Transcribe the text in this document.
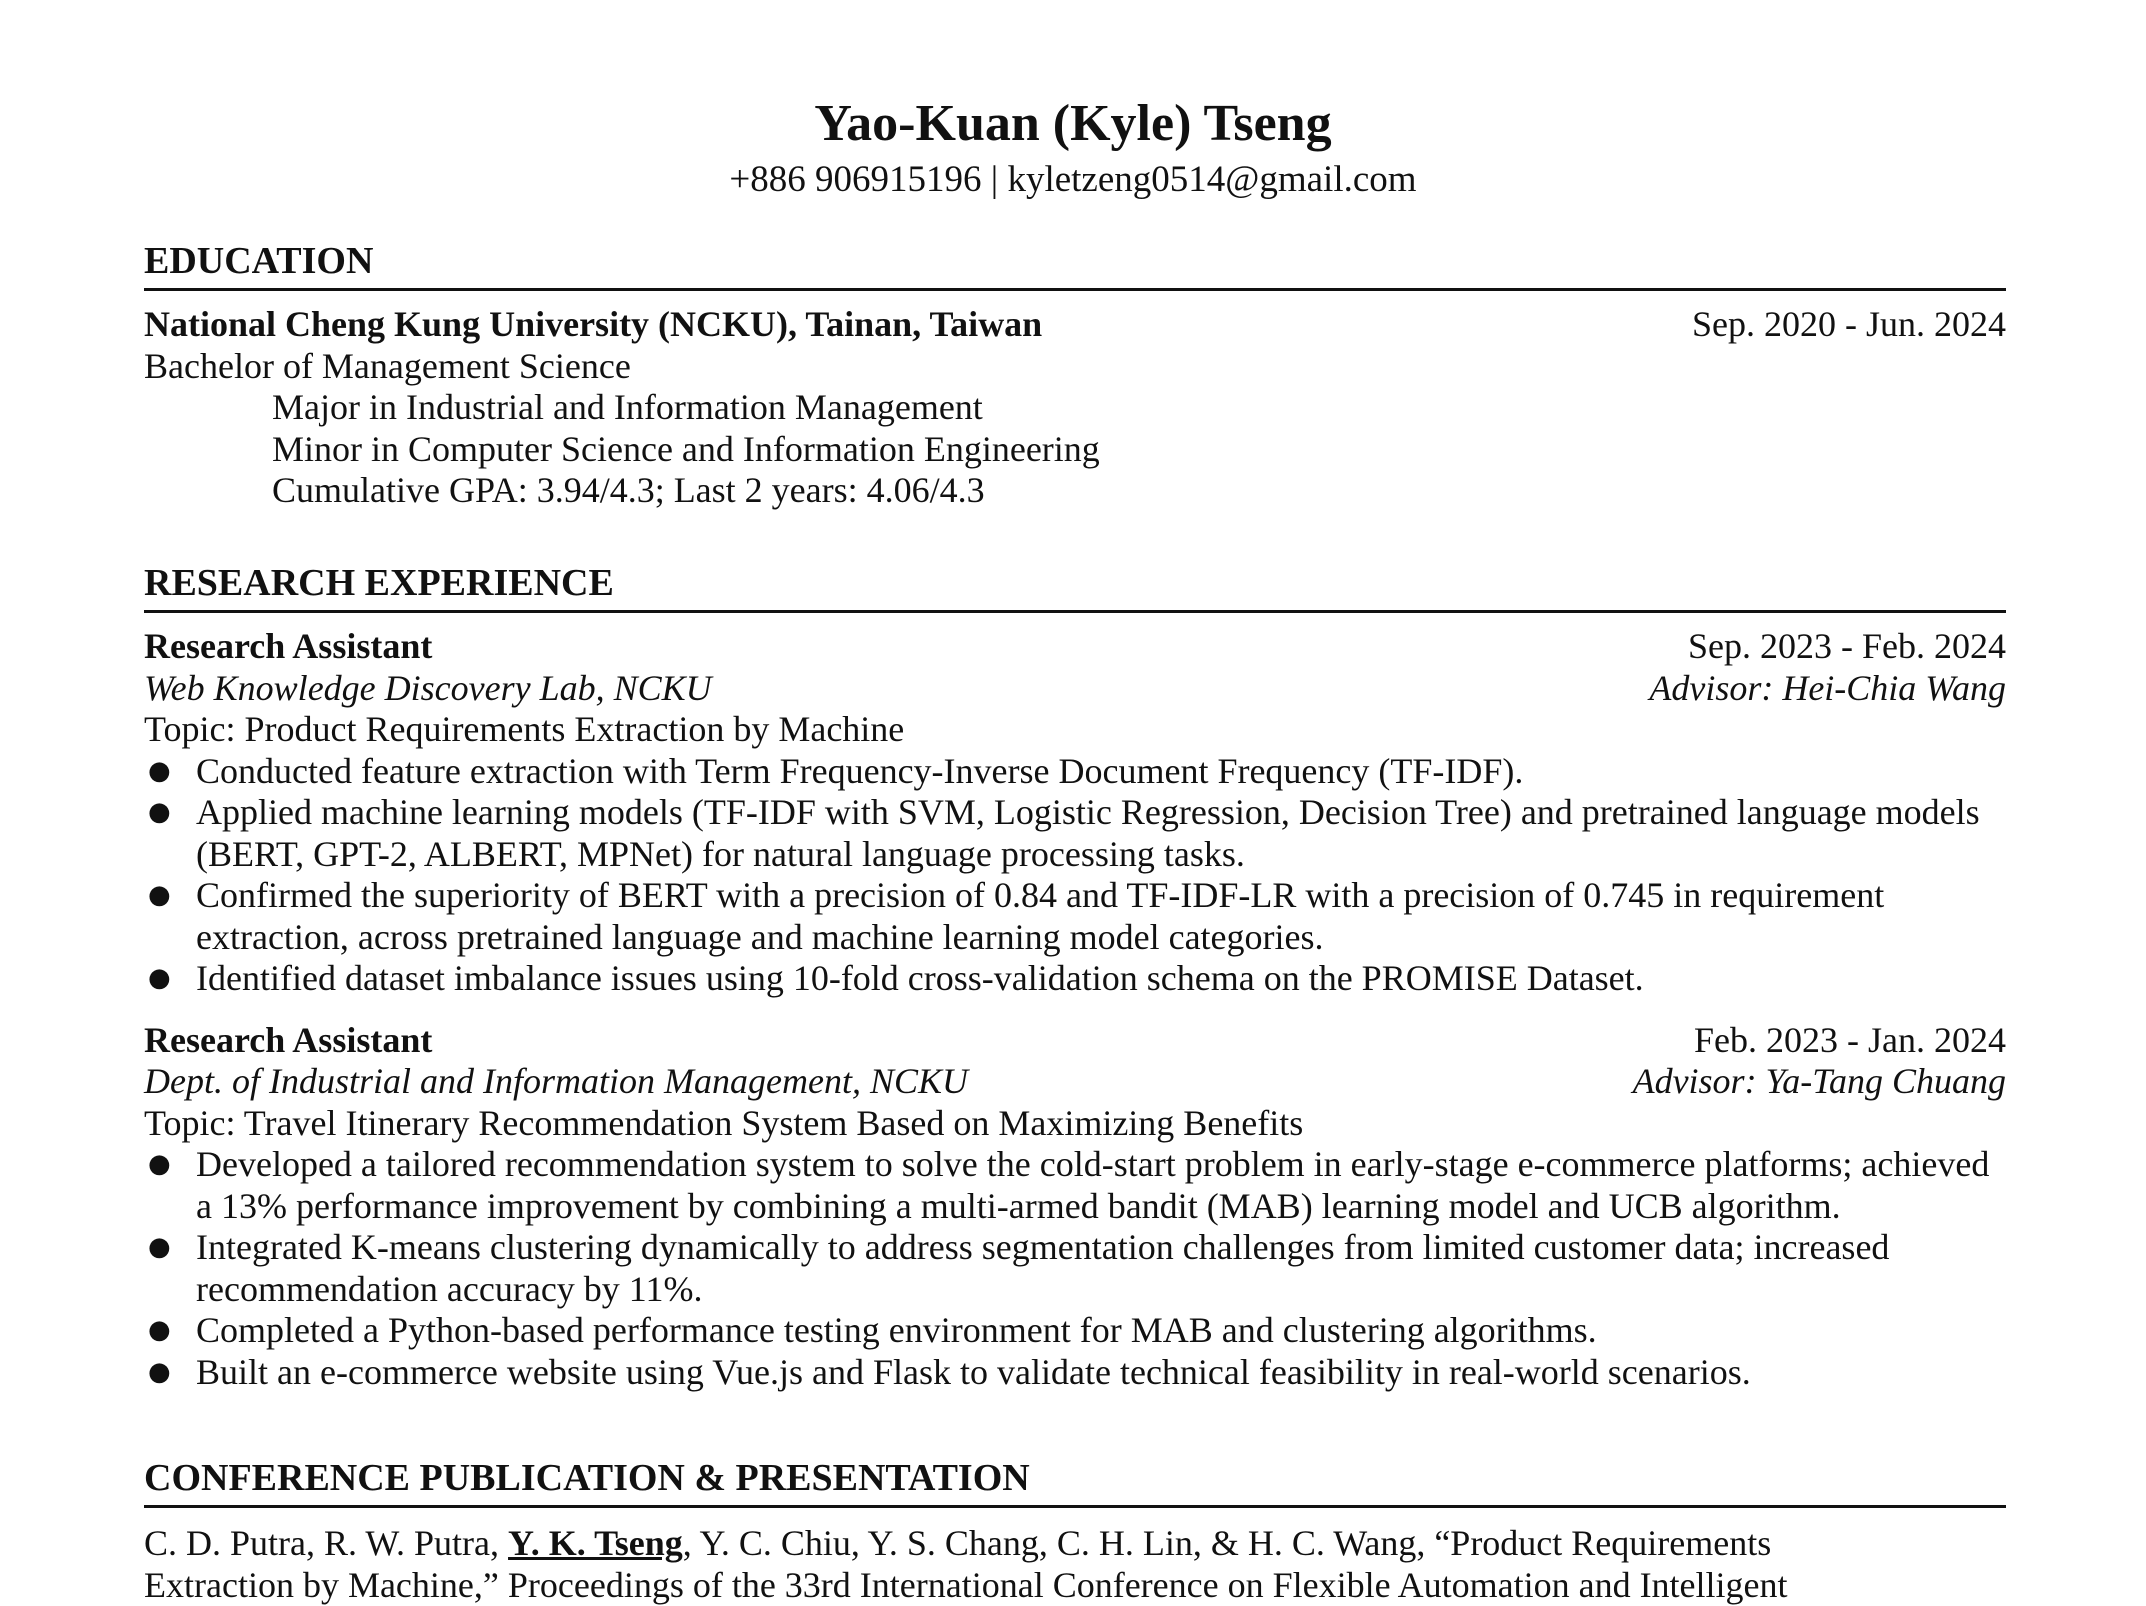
Yao-Kuan (Kyle) Tseng
+886 906915196 | kyletzeng0514@gmail.com
EDUCATION
National Cheng Kung University (NCKU), Tainan, Taiwan	Sep. 2020 - Jun. 2024
Bachelor of Management Science
Major in Industrial and Information Management
Minor in Computer Science and Information Engineering
Cumulative GPA: 3.94/4.3; Last 2 years: 4.06/4.3
RESEARCH EXPERIENCE
Research Assistant	Sep. 2023 - Feb. 2024
Web Knowledge Discovery Lab, NCKU	Advisor: Hei-Chia Wang
Topic: Product Requirements Extraction by Machine
● Conducted feature extraction with Term Frequency-Inverse Document Frequency (TF-IDF).
● Applied machine learning models (TF-IDF with SVM, Logistic Regression, Decision Tree) and pretrained language models (BERT, GPT-2, ALBERT, MPNet) for natural language processing tasks.
● Confirmed the superiority of BERT with a precision of 0.84 and TF-IDF-LR with a precision of 0.745 in requirement extraction, across pretrained language and machine learning model categories.
● Identified dataset imbalance issues using 10-fold cross-validation schema on the PROMISE Dataset.
Research Assistant	Feb. 2023 - Jan. 2024
Dept. of Industrial and Information Management, NCKU	Advisor: Ya-Tang Chuang
Topic: Travel Itinerary Recommendation System Based on Maximizing Benefits
● Developed a tailored recommendation system to solve the cold-start problem in early-stage e-commerce platforms; achieved a 13% performance improvement by combining a multi-armed bandit (MAB) learning model and UCB algorithm.
● Integrated K-means clustering dynamically to address segmentation challenges from limited customer data; increased recommendation accuracy by 11%.
● Completed a Python-based performance testing environment for MAB and clustering algorithms.
● Built an e-commerce website using Vue.js and Flask to validate technical feasibility in real-world scenarios.
CONFERENCE PUBLICATION & PRESENTATION
C. D. Putra, R. W. Putra, Y. K. Tseng, Y. C. Chiu, Y. S. Chang, C. H. Lin, & H. C. Wang, “Product Requirements
Extraction by Machine,” Proceedings of the 33rd International Conference on Flexible Automation and Intelligent
